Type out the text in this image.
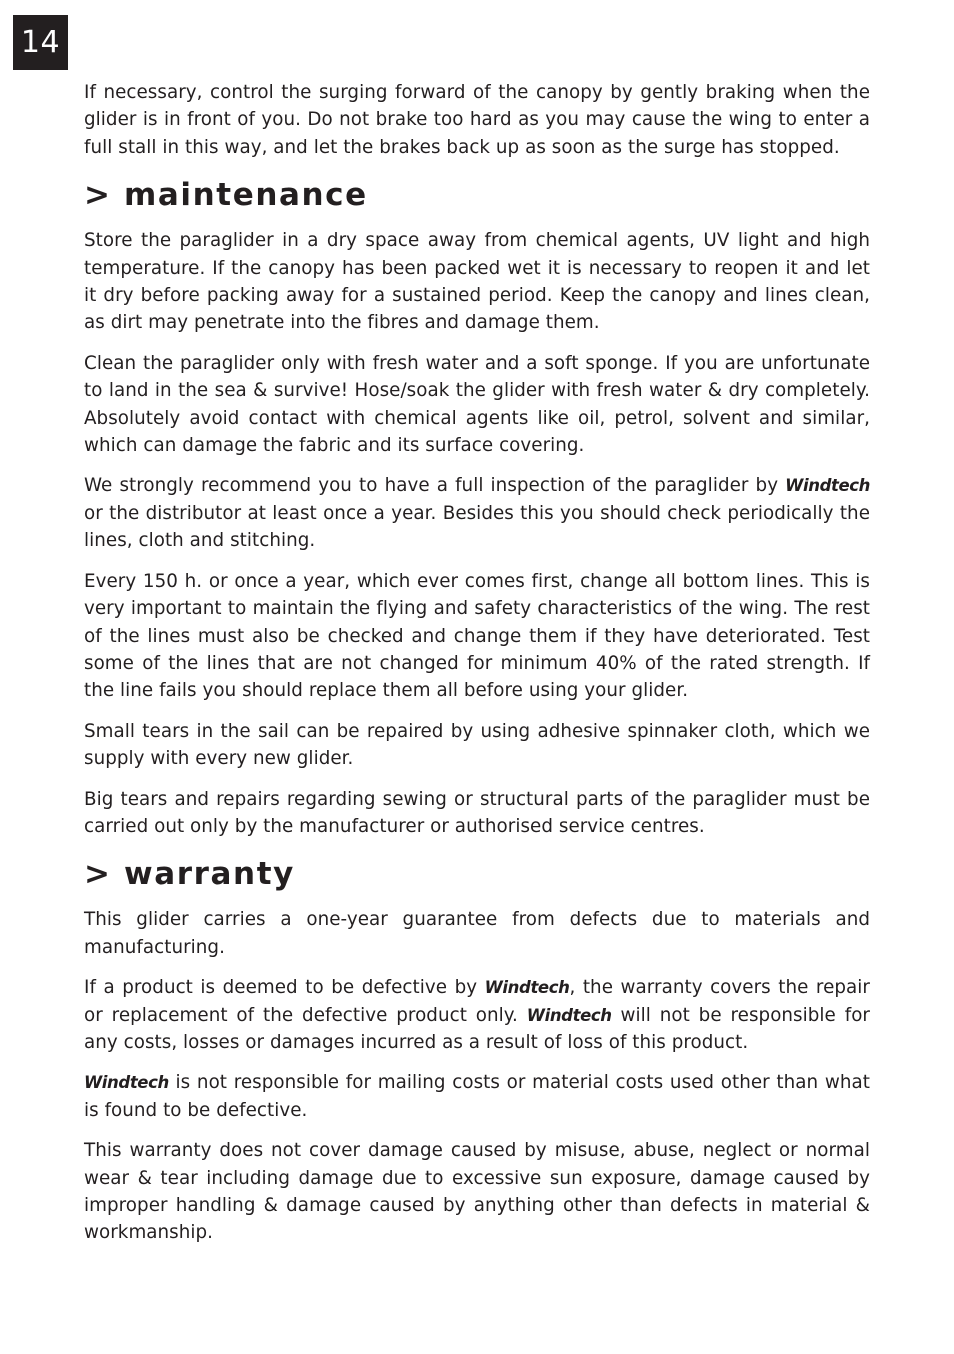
14

If necessary, control the surging forward of the canopy by gently braking when the glider is in front of you. Do not brake too hard as you may cause the wing to enter a full stall in this way, and let the brakes back up as soon as the surge has stopped.

> maintenance

Store the paraglider in a dry space away from chemical agents, UV light and high temperature. If the canopy has been packed wet it is necessary to reopen it and let it dry before packing away for a sustained period. Keep the canopy and lines clean, as dirt may penetrate into the fibres and damage them.

Clean the paraglider only with fresh water and a soft sponge. If you are unfortunate to land in the sea & survive! Hose/soak the glider with fresh water & dry completely. Absolutely avoid contact with chemical agents like oil, petrol, solvent and similar, which can damage the fabric and its surface covering.

We strongly recommend you to have a full inspection of the paraglider by Windtech or the distributor at least once a year. Besides this you should check periodically the lines, cloth and stitching.

Every 150 h. or once a year, which ever comes first, change all bottom lines. This is very important to maintain the flying and safety characteristics of the wing. The rest of the lines must also be checked and change them if they have deteriorated. Test some of the lines that are not changed for minimum 40% of the rated strength. If the line fails you should replace them all before using your glider.

Small tears in the sail can be repaired by using adhesive spinnaker cloth, which we supply with every new glider.

Big tears and repairs regarding sewing or structural parts of the paraglider must be carried out only by the manufacturer or authorised service centres.

> warranty

This glider carries a one-year guarantee from defects due to materials and manufacturing.

If a product is deemed to be defective by Windtech, the warranty covers the repair or replacement of the defective product only. Windtech will not be responsible for any costs, losses or damages incurred as a result of loss of this product.

Windtech is not responsible for mailing costs or material costs used other than what is found to be defective.

This warranty does not cover damage caused by misuse, abuse, neglect or normal wear & tear including damage due to excessive sun exposure, damage caused by improper handling & damage caused by anything other than defects in material & workmanship.
